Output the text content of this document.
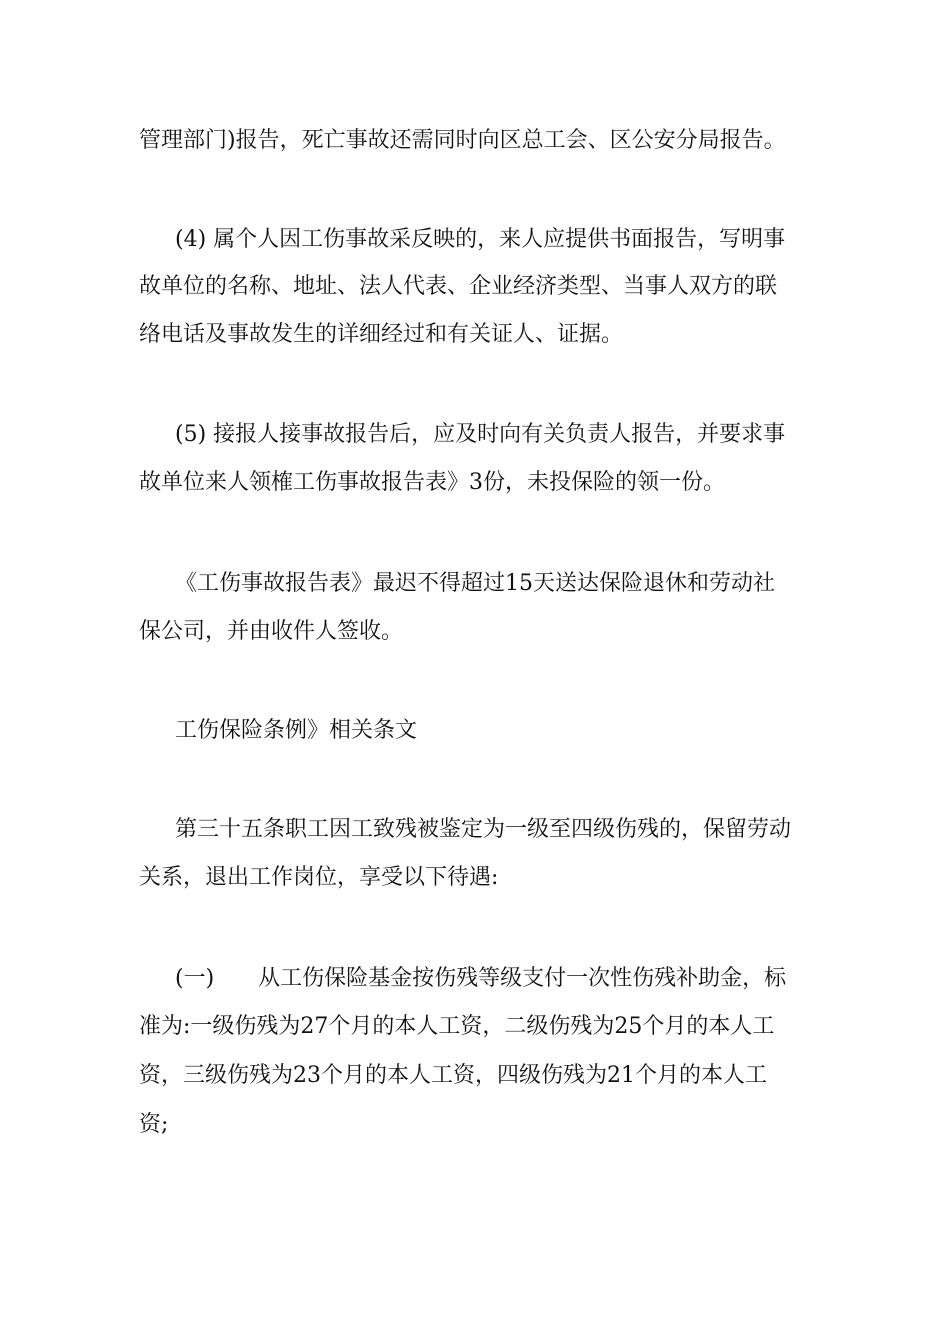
管理部门)报告，死亡事故还需同时向区总工会、区公安分局报告。
(4) 属个人因工伤事故采反映的，来人应提供书面报告，写明事
故单位的名称、地址、法人代表、企业经济类型、当事人双方的联
络电话及事故发生的详细经过和有关证人、证据。
(5) 接报人接事故报告后，应及时向有关负责人报告，并要求事
故单位来人领榷工伤事故报告表》3份，未投保险的领一份。
《工伤事故报告表》最迟不得超过15天送达保险退休和劳动社
保公司，并由收件人签收。
工伤保险条例》相关条文
第三十五条职工因工致残被鉴定为一级至四级伤残的，保留劳动
关系，退出工作岗位，享受以下待遇:
(一)　　从工伤保险基金按伤残等级支付一次性伤残补助金，标
准为:一级伤残为27个月的本人工资，二级伤残为25个月的本人工
资，三级伤残为23个月的本人工资，四级伤残为21个月的本人工
资;
